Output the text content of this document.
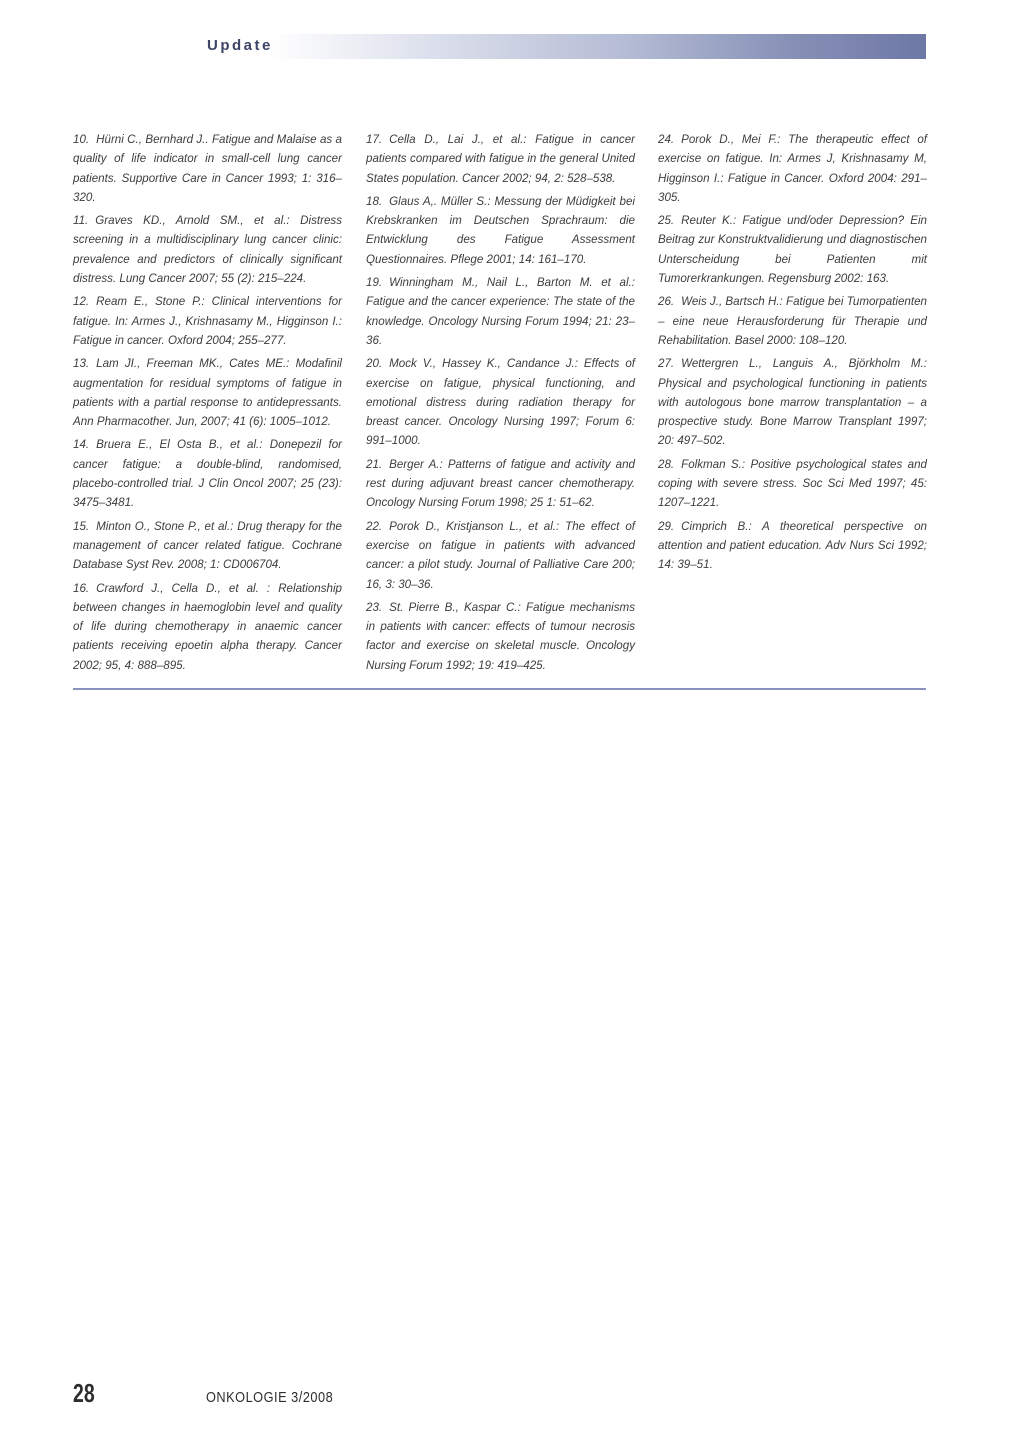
Serie Supportivtherapie
Update

10. Hürni C., Bernhard J.. Fatigue and Malaise as a quality of life indicator in small-cell lung cancer patients. Supportive Care in Cancer 1993; 1: 316–320.

11. Graves KD., Arnold SM., et al.: Distress screening in a multidisciplinary lung cancer clinic: prevalence and predictors of clinically significant distress. Lung Cancer 2007; 55 (2): 215–224.

12. Ream E., Stone P.: Clinical interventions for fatigue. In: Armes J., Krishnasamy M., Higginson I.: Fatigue in cancer. Oxford 2004; 255–277.

13. Lam JI., Freeman MK., Cates ME.: Modafinil augmentation for residual symptoms of fatigue in patients with a partial response to antidepressants. Ann Pharmacother. Jun, 2007; 41 (6): 1005–1012.

14. Bruera E., El Osta B., et al.: Donepezil for cancer fatigue: a double-blind, randomised, placebo-controlled trial. J Clin Oncol 2007; 25 (23): 3475–3481.

15. Minton O., Stone P., et al.: Drug therapy for the management of cancer related fatigue. Cochrane Database Syst Rev. 2008; 1: CD006704.

16. Crawford J., Cella D., et al. : Relationship between changes in haemoglobin level and quality of life during chemotherapy in anaemic cancer patients receiving epoetin alpha therapy. Cancer 2002; 95, 4: 888–895.

17. Cella D., Lai J., et al.: Fatigue in cancer patients compared with fatigue in the general United States population. Cancer 2002; 94, 2: 528–538.

18. Glaus A,. Müller S.: Messung der Müdigkeit bei Krebskranken im Deutschen Sprachraum: die Entwicklung des Fatigue Assessment Questionnaires. Pflege 2001; 14: 161–170.

19. Winningham M., Nail L., Barton M. et al.: Fatigue and the cancer experience: The state of the knowledge. Oncology Nursing Forum 1994; 21: 23–36.

20. Mock V., Hassey K., Candance J.: Effects of exercise on fatigue, physical functioning, and emotional distress during radiation therapy for breast cancer. Oncology Nursing 1997; Forum 6: 991–1000.

21. Berger A.: Patterns of fatigue and activity and rest during adjuvant breast cancer chemotherapy. Oncology Nursing Forum 1998; 25 1: 51–62.

22. Porok D., Kristjanson L., et al.: The effect of exercise on fatigue in patients with advanced cancer: a pilot study. Journal of Palliative Care 200; 16, 3: 30–36.

23. St. Pierre B., Kaspar C.: Fatigue mechanisms in patients with cancer: effects of tumour necrosis factor and exercise on skeletal muscle. Oncology Nursing Forum 1992; 19: 419–425.

24. Porok D., Mei F.: The therapeutic effect of exercise on fatigue. In: Armes J, Krishnasamy M, Higginson I.: Fatigue in Cancer. Oxford 2004: 291–305.

25. Reuter K.: Fatigue und/oder Depression? Ein Beitrag zur Konstruktvalidierung und diagnostischen Unterscheidung bei Patienten mit Tumorerkrankungen. Regensburg 2002: 163.

26. Weis J., Bartsch H.: Fatigue bei Tumorpatienten – eine neue Herausforderung für Therapie und Rehabilitation. Basel 2000: 108–120.

27. Wettergren L., Languis A., Björkholm M.: Physical and psychological functioning in patients with autologous bone marrow transplantation – a prospective study. Bone Marrow Transplant 1997; 20: 497–502.

28. Folkman S.: Positive psychological states and coping with severe stress. Soc Sci Med 1997; 45: 1207–1221.

29. Cimprich B.: A theoretical perspective on attention and patient education. Adv Nurs Sci 1992; 14: 39–51.

28	ONKOLOGIE 3/2008
